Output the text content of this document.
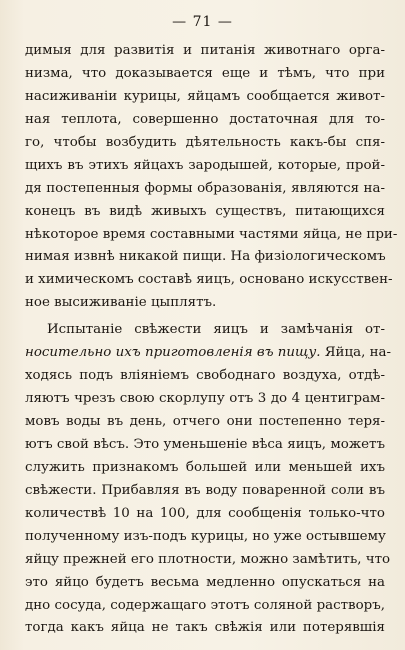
— 71 —
димыя для развитія и питанія животнаго орга-
низма, что доказывается еще и тѣмъ, что при
насиживаніи курицы, яйцамъ сообщается живот-
ная теплота, совершенно достаточная для то-
го, чтобы возбудить дѣятельность какъ-бы спя-
щихъ въ этихъ яйцахъ зародышей, которые, прой-
дя постепенныя формы образованія, являются на-
конецъ въ видѣ живыхъ существъ, питающихся
нѣкоторое время составными частями яйца, не при-
нимая извнѣ никакой пищи. На физіологическомъ
и химическомъ составѣ яицъ, основано искусствен-
ное высиживаніе цыплятъ.
Испытаніе свѣжести яицъ и замѣчанія от-
носительно ихъ приготовленія въ пищу. Яйца, на-
ходясь подъ вліяніемъ свободнаго воздуха, отдѣ-
ляютъ чрезъ свою скорлупу отъ 3 до 4 центиграм-
мовъ воды въ день, отчего они постепенно теря-
ютъ свой вѣсъ. Это уменьшеніе вѣса яицъ, можетъ
служить признакомъ большей или меньшей ихъ
свѣжести. Прибавляя въ воду поваренной соли въ
количествѣ 10 на 100, для сообщенія только-что
полученному изъ-подъ курицы, но уже остывшему
яйцу прежней его плотности, можно замѣтить, что
это яйцо будетъ весьма медленно опускаться на
дно сосуда, содержащаго этотъ соляной растворъ,
тогда какъ яйца не такъ свѣжія или потерявшія
